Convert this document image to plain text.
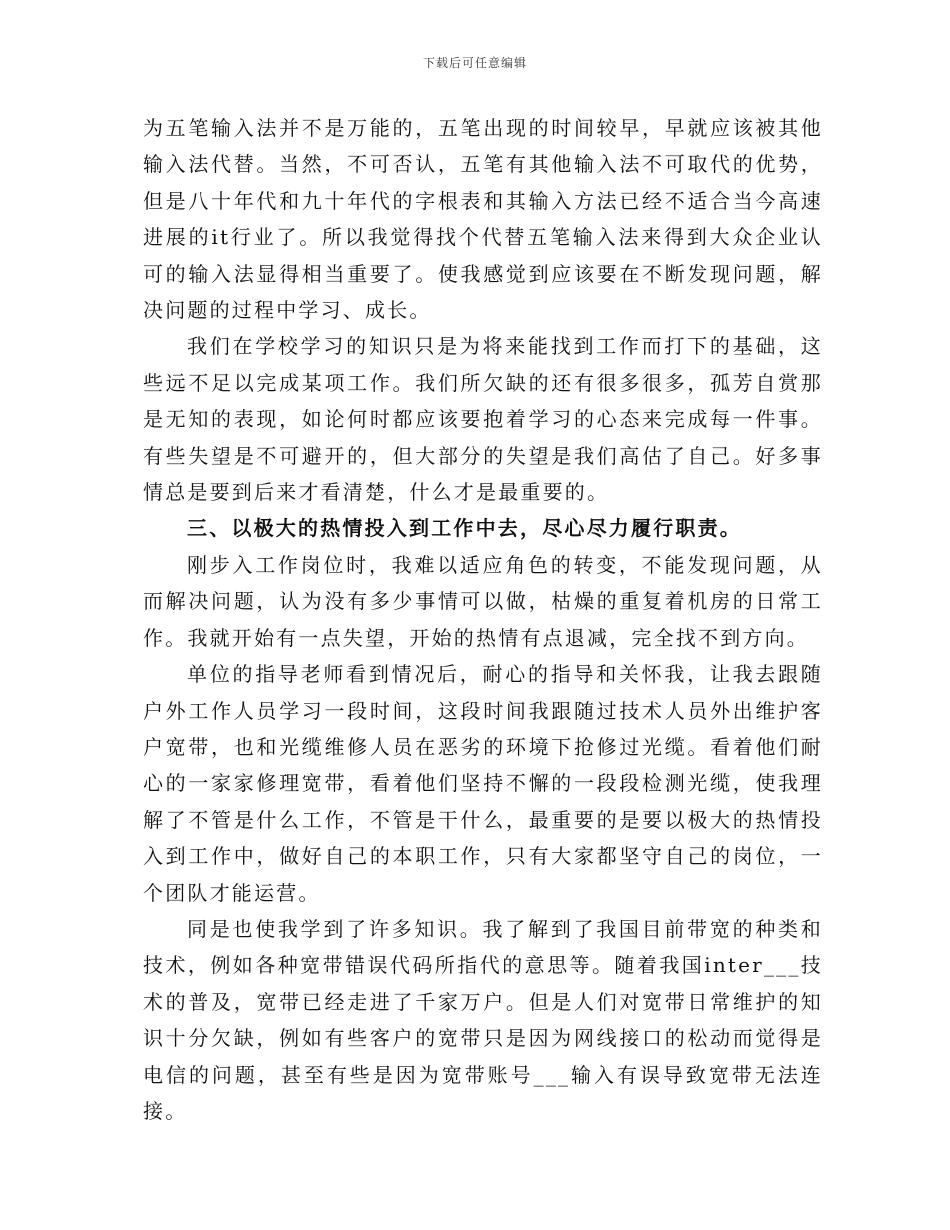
下载后可任意编辑

为五笔输入法并不是万能的，五笔出现的时间较早，早就应该被其他输入法代替。当然，不可否认，五笔有其他输入法不可取代的优势，但是八十年代和九十年代的字根表和其输入方法已经不适合当今高速进展的it行业了。所以我觉得找个代替五笔输入法来得到大众企业认可的输入法显得相当重要了。使我感觉到应该要在不断发现问题，解决问题的过程中学习、成长。

我们在学校学习的知识只是为将来能找到工作而打下的基础，这些远不足以完成某项工作。我们所欠缺的还有很多很多，孤芳自赏那是无知的表现，如论何时都应该要抱着学习的心态来完成每一件事。有些失望是不可避开的，但大部分的失望是我们高估了自己。好多事情总是要到后来才看清楚，什么才是最重要的。

三、以极大的热情投入到工作中去，尽心尽力履行职责。

刚步入工作岗位时，我难以适应角色的转变，不能发现问题，从而解决问题，认为没有多少事情可以做，枯燥的重复着机房的日常工作。我就开始有一点失望，开始的热情有点退减，完全找不到方向。

单位的指导老师看到情况后，耐心的指导和关怀我，让我去跟随户外工作人员学习一段时间，这段时间我跟随过技术人员外出维护客户宽带，也和光缆维修人员在恶劣的环境下抢修过光缆。看着他们耐心的一家家修理宽带，看着他们坚持不懈的一段段检测光缆，使我理解了不管是什么工作，不管是干什么，最重要的是要以极大的热情投入到工作中，做好自己的本职工作，只有大家都坚守自己的岗位，一个团队才能运营。

同是也使我学到了许多知识。我了解到了我国目前带宽的种类和技术，例如各种宽带错误代码所指代的意思等。随着我国inter___技术的普及，宽带已经走进了千家万户。但是人们对宽带日常维护的知识十分欠缺，例如有些客户的宽带只是因为网线接口的松动而觉得是电信的问题，甚至有些是因为宽带账号___输入有误导致宽带无法连接。
